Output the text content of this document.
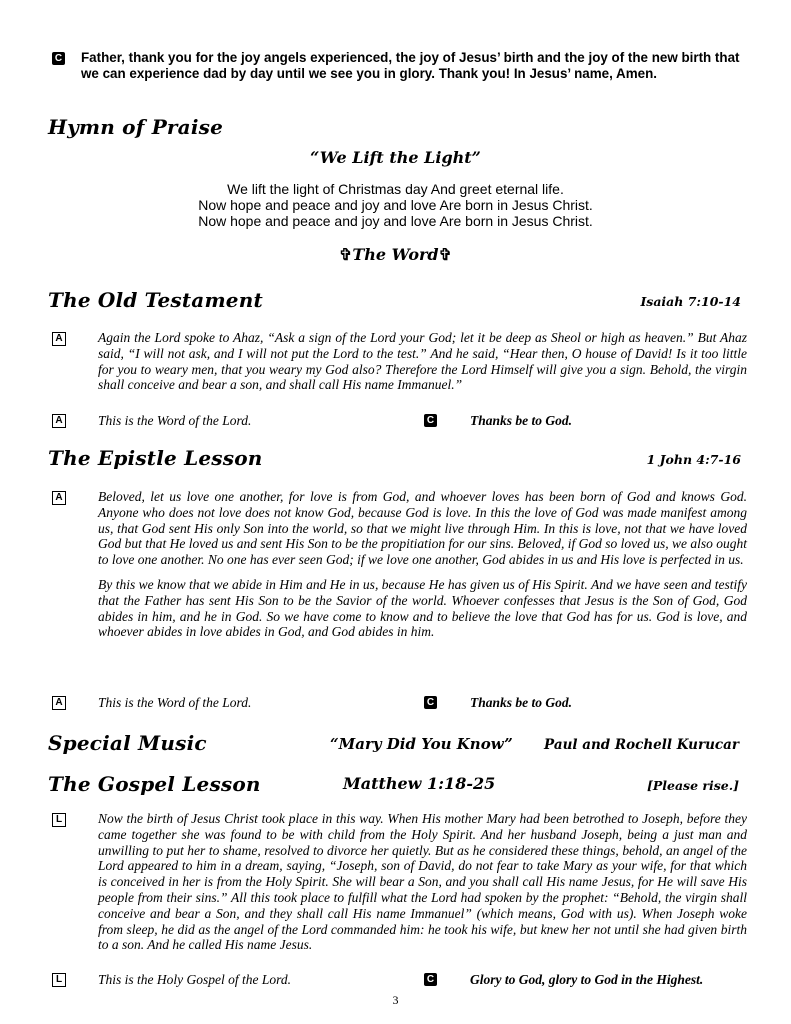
C Father, thank you for the joy angels experienced, the joy of Jesus’ birth and the joy of the new birth that we can experience dad by day until we see you in glory. Thank you! In Jesus’ name, Amen.
Hymn of Praise
“We Lift the Light”
We lift the light of Christmas day And greet eternal life.
Now hope and peace and joy and love Are born in Jesus Christ.
Now hope and peace and joy and love Are born in Jesus Christ.
✞The Word✞
The Old Testament	Isaiah 7:10-14
A	Again the Lord spoke to Ahaz, “Ask a sign of the Lord your God; let it be deep as Sheol or high as heaven.” But Ahaz said, “I will not ask, and I will not put the Lord to the test.” And he said, “Hear then, O house of David! Is it too little for you to weary men, that you weary my God also? Therefore the Lord Himself will give you a sign. Behold, the virgin shall conceive and bear a son, and shall call His name Immanuel.”

A	This is the Word of the Lord.	C	Thanks be to God.
The Epistle Lesson	1 John 4:7-16
A	Beloved, let us love one another, for love is from God, and whoever loves has been born of God and knows God. Anyone who does not love does not know God, because God is love. In this the love of God was made manifest among us, that God sent His only Son into the world, so that we might live through Him. In this is love, not that we have loved God but that He loved us and sent His Son to be the propitiation for our sins. Beloved, if God so loved us, we also ought to love one another. No one has ever seen God; if we love one another, God abides in us and His love is perfected in us.

By this we know that we abide in Him and He in us, because He has given us of His Spirit. And we have seen and testify that the Father has sent His Son to be the Savior of the world. Whoever confesses that Jesus is the Son of God, God abides in him, and he in God. So we have come to know and to believe the love that God has for us. God is love, and whoever abides in love abides in God, and God abides in him.

A	This is the Word of the Lord.	C	Thanks be to God.
Special Music	“Mary Did You Know” Paul and Rochell Kurucar
The Gospel Lesson	Matthew 1:18-25	[Please rise.]
L	Now the birth of Jesus Christ took place in this way. When His mother Mary had been betrothed to Joseph, before they came together she was found to be with child from the Holy Spirit. And her husband Joseph, being a just man and unwilling to put her to shame, resolved to divorce her quietly. But as he considered these things, behold, an angel of the Lord appeared to him in a dream, saying, “Joseph, son of David, do not fear to take Mary as your wife, for that which is conceived in her is from the Holy Spirit. She will bear a Son, and you shall call His name Jesus, for He will save His people from their sins.” All this took place to fulfill what the Lord had spoken by the prophet: “Behold, the virgin shall conceive and bear a Son, and they shall call His name Immanuel” (which means, God with us). When Joseph woke from sleep, he did as the angel of the Lord commanded him: he took his wife, but knew her not until she had given birth to a son. And he called His name Jesus.

L	This is the Holy Gospel of the Lord.	C	Glory to God, glory to God in the Highest.
3
